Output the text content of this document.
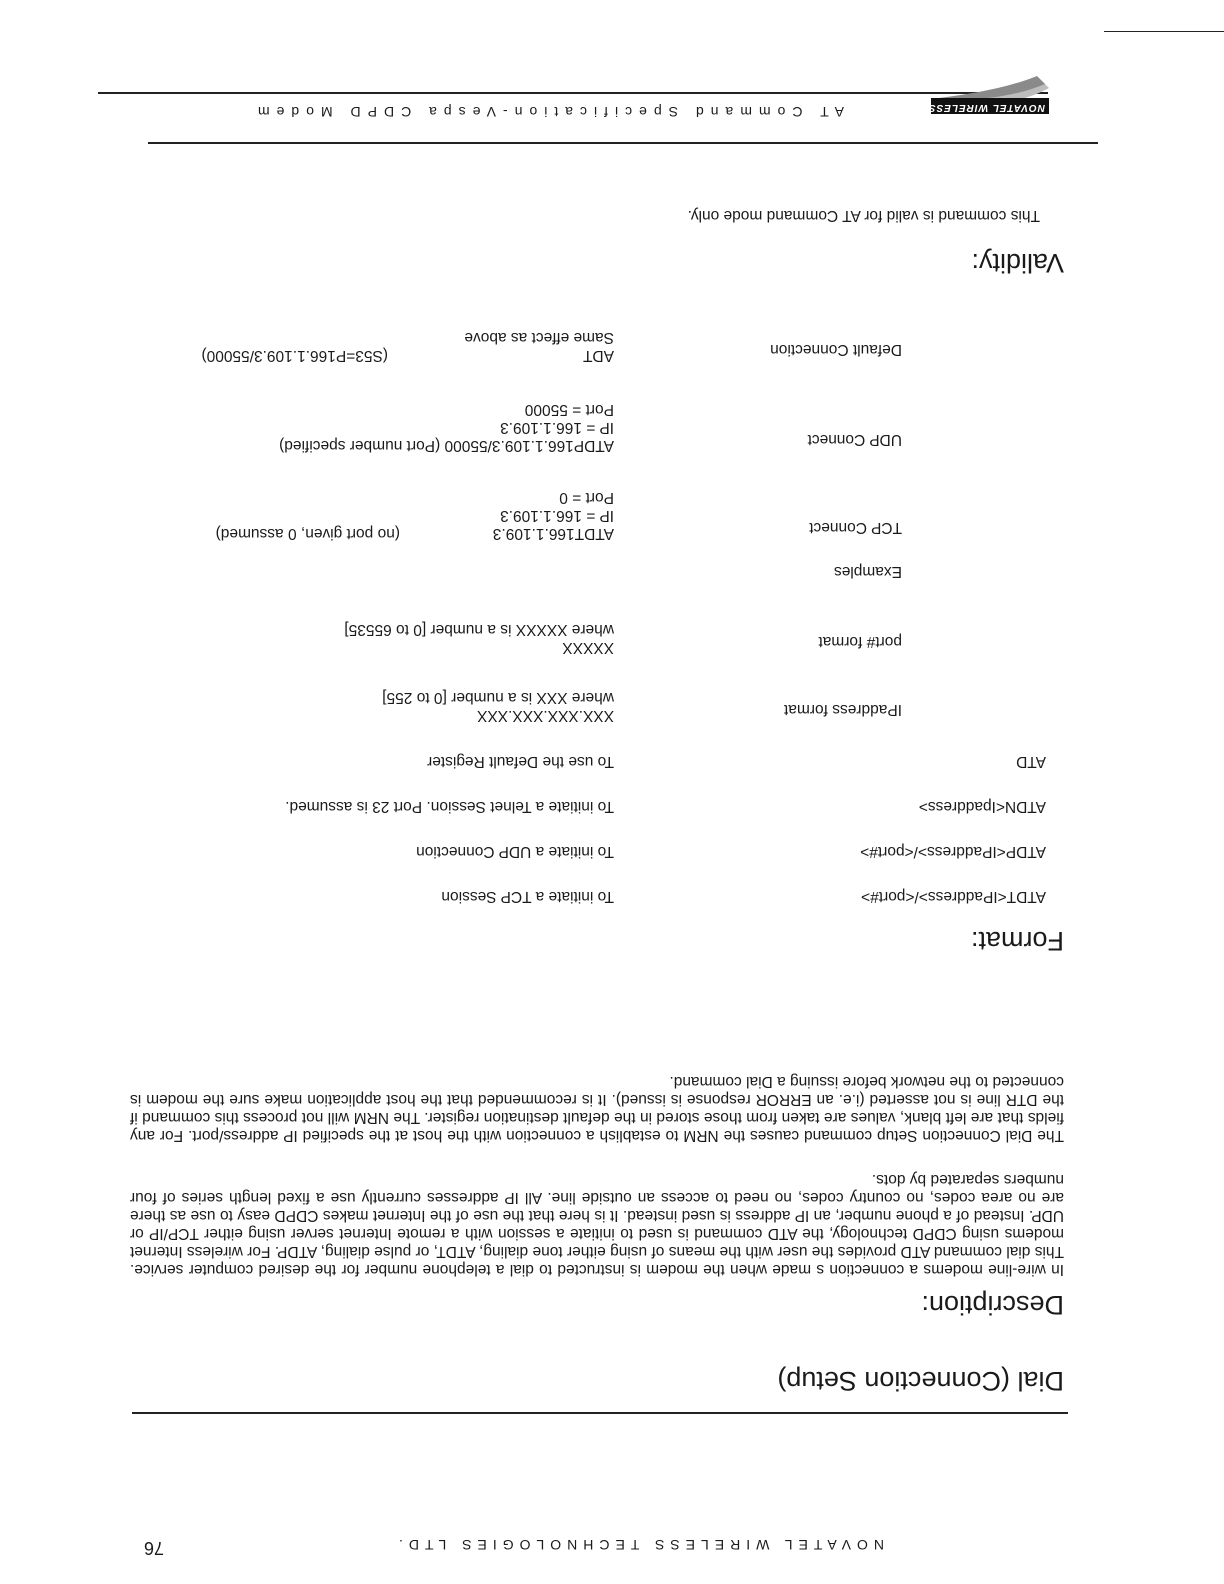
NOVATEL WIRELESS TECHNOLOGIES LTD.
76
Dial (Connection Setup)
Description:
In wire-line modems a connection s made when the modem is instructed to dial a telephone number for the desired computer service. This dial command ATD provides the user with the means of using either tone dialing, ATDT, or pulse dialing, ATDP. For wireless Internet modems using CDPD technology, the ATD command is used to initiate a session with a remote Internet server using either TCP/IP or UDP. Instead of a phone number, an IP address is used instead. It is here that the use of the Internet makes CDPD easy to use as there are no area codes, no country codes, no need to access an outside line. All IP addresses currently use a fixed length series of four numbers separated by dots.
The Dial Connection Setup command causes the NRM to establish a connection with the host at the specified IP address/port. For any fields that are left blank, values are taken from those stored in the default destination register. The NRM will not process this command if the DTR line is not asserted (i.e. an ERROR response is issued). It is recommended that the host application make sure the modem is connected to the network before issuing a Dial command.
Format:
ATDT<IPaddress>/<port#>
To initiate a TCP Session
ATDP<IPaddress>/<port#>
To initiate a UDP Connection
ATDN<Ipaddress>
To initiate a Telnet Session. Port 23 is assumed.
ATD
To use the Default Register
IPaddress format
XXX.XXX.XXX.XXX
where XXX is a number [0 to 255]
port# format
XXXXX
where XXXXX is a number [0 to 65535]
Examples
TCP Connect
ATDT166.1.109.3
(no port given, 0 assumed)
IP = 166.1.109.3
Port = 0
UDP Connect
ATDP166.1.109.3/55000 (Port number specified)
IP = 166.1.109.3
Port = 55000
Default Connection
ADT
(S53=P166.1.109.3/55000)
Same effect as above
Validity:
This command is valid for AT Command mode only.
AT Command Specification-Vespa CDPD Modem	NOVATEL WIRELESS
